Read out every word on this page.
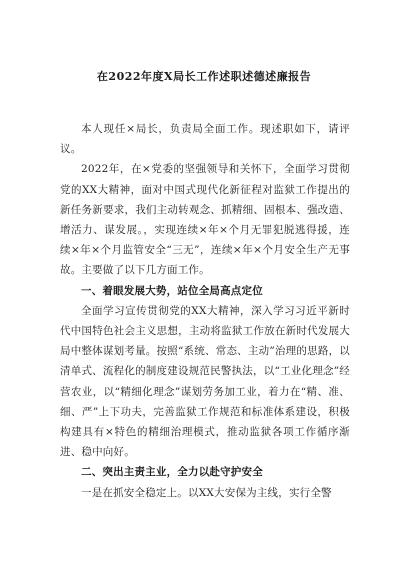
在2022年度X局长工作述职述德述廉报告

本人现任×局长，负责局全面工作。现述职如下，请评议。

2022年，在×党委的坚强领导和关怀下，全面学习贯彻党的XX大精神，面对中国式现代化新征程对监狱工作提出的新任务新要求，我们主动转观念、抓精细、固根本、强改造、增活力、谋发展。，实现连续×年×个月无罪犯脱逃得援，连续×年×个月监管安全“三无”，连续×年×个月安全生产无事故。主要做了以下几方面工作。

一、着眼发展大势，站位全局高点定位

全面学习宣传贯彻党的XX大精神，深入学习习近平新时代中国特色社会主义思想，主动将监狱工作放在新时代发展大局中整体谋划考量。按照“系统、常态、主动”治理的思路，以清单式、流程化的制度建设规范民警执法，以“工业化理念”经营农业，以“精细化理念”谋划劳务加工业，着力在“精、准、细、严”上下功夫，完善监狱工作规范和标准体系建设，积极构建具有×特色的精细治理模式，推动监狱各项工作循序渐进、稳中向好。

二、突出主责主业，全力以赴守护安全

一是在抓安全稳定上。以XX大安保为主线，实行全警
